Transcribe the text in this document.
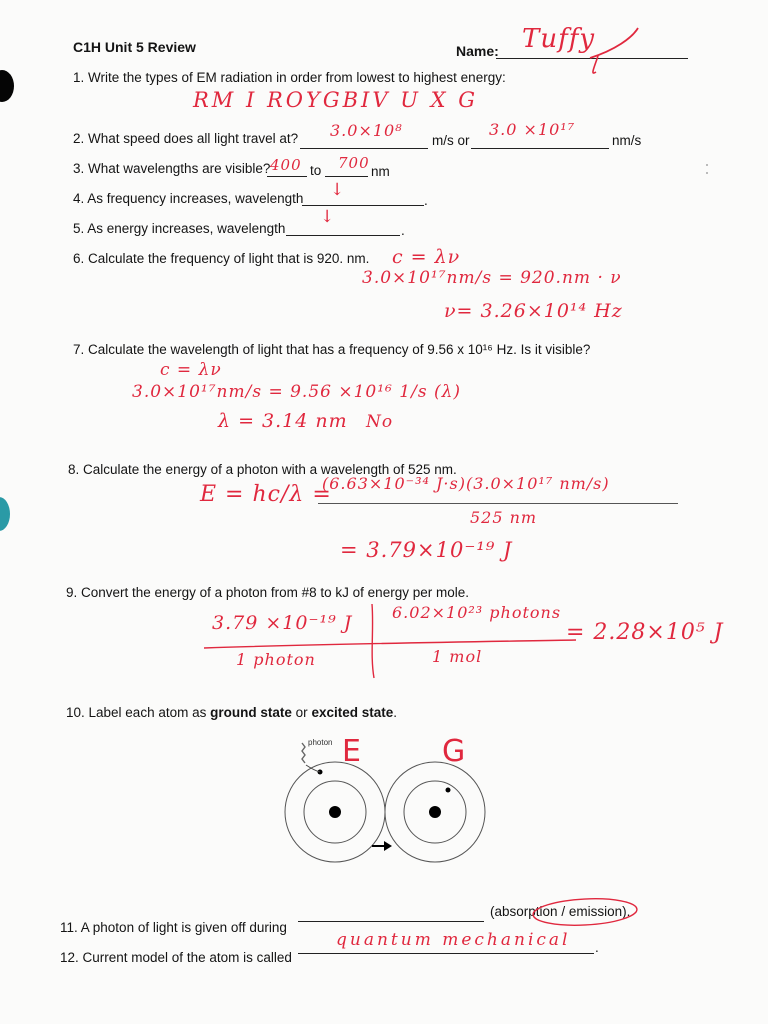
C1H Unit 5 Review	Name: Tuffy
1. Write the types of EM radiation in order from lowest to highest energy:
RM I ROYGBIV U X G
2. What speed does all light travel at? 3.0×10⁸
m/s or
3.0 ×10¹⁷
nm/s
3. What wavelengths are visible? 400 to 700 nm
4. As frequency increases, wavelength ↓
.
5. As energy increases, wavelength
↓
.
6. Calculate the frequency of light that is 920. nm. c = λν
3.0×10¹⁷nm/s = 920.nm · ν
ν= 3.26×10¹⁴ Hz
7. Calculate the wavelength of light that has a frequency of 9.56 x 10¹⁶ Hz. Is it visible?
c = λν
3.0×10¹⁷nm/s = 9.56 ×10¹⁶ 1/s (λ)
λ = 3.14 nm No
8. Calculate the energy of a photon with a wavelength of 525 nm.
E = hc/λ =
(6.63×10⁻³⁴ J·s)(3.0×10¹⁷ nm/s)
525 nm
= 3.79×10⁻¹⁹ J
9. Convert the energy of a photon from #8 to kJ of energy per mole.
3.79 ×10⁻¹⁹ J
1 photon
6.02×10²³ photons
1 mol
= 2.28×10⁵ J
10. Label each atom as ground state or excited state.
photon E	G
11. A photon of light is given off during
(absorption / emission).
12. Current model of the atom is called
quantum mechanical .
